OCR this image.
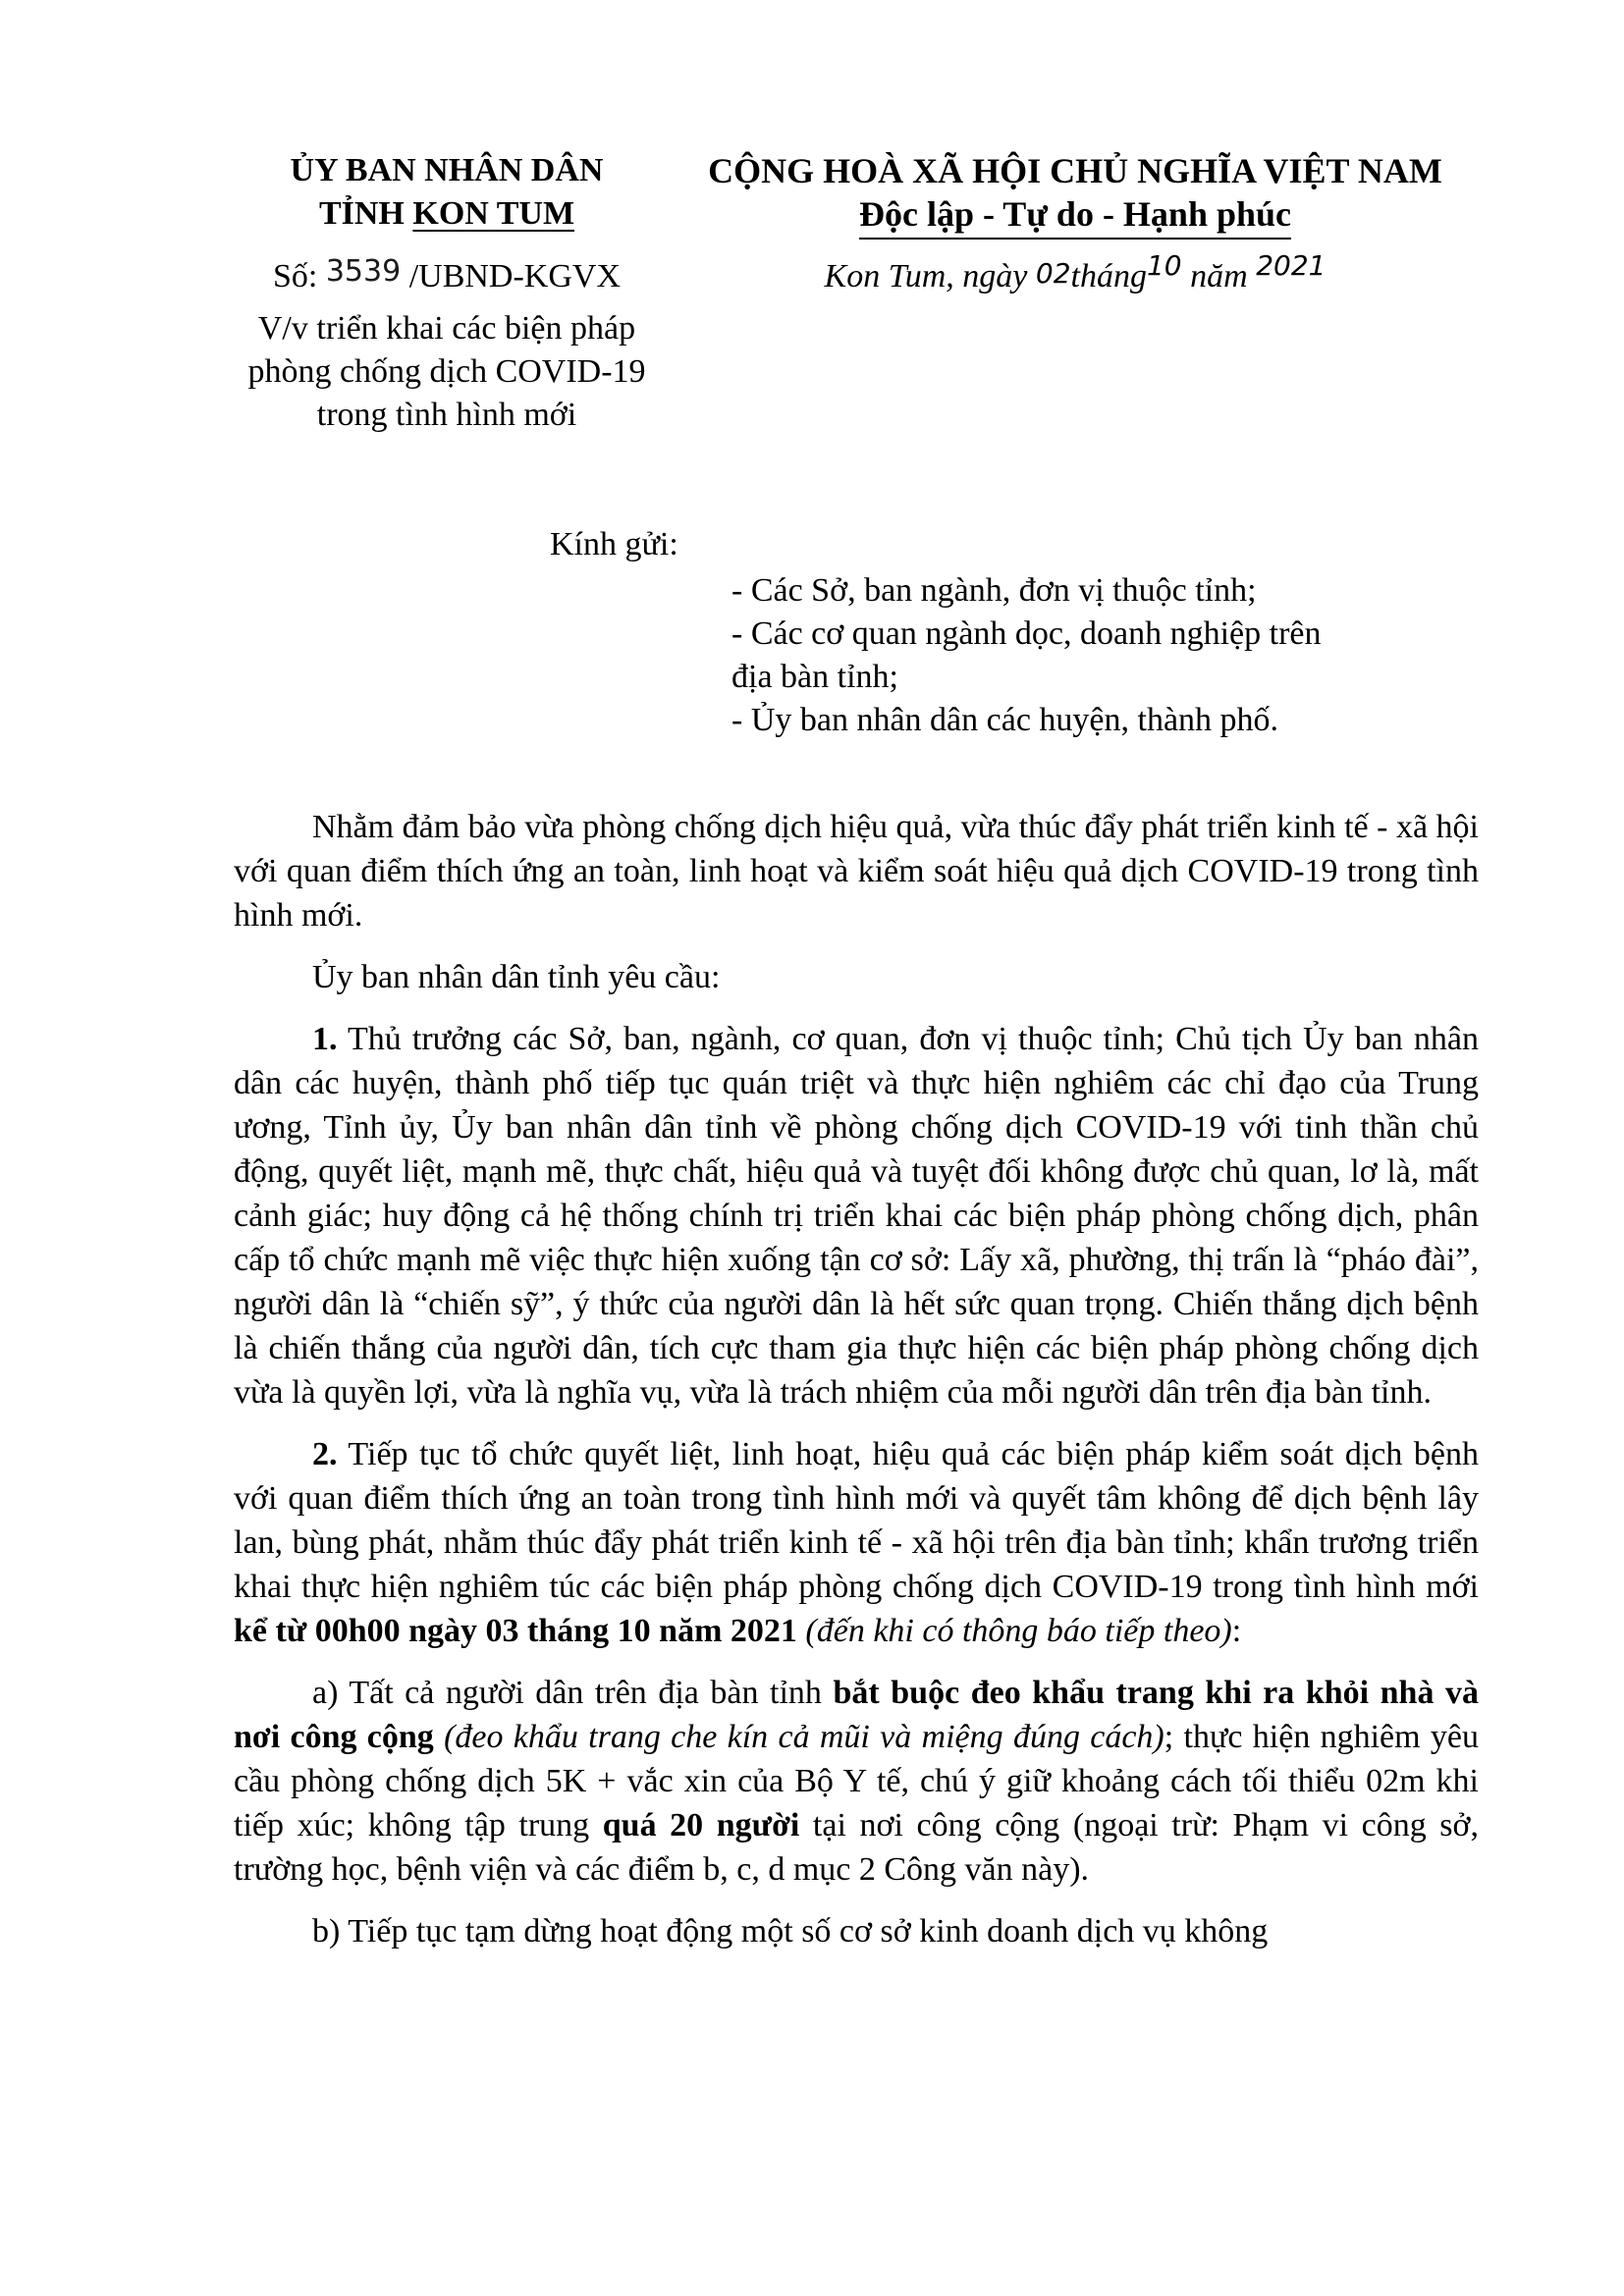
ỦY BAN NHÂN DÂN
TỈNH KON TUM
Số: 3539 /UBND-KGVX
V/v triển khai các biện pháp
phòng chống dịch COVID-19
trong tình hình mới
CỘNG HOÀ XÃ HỘI CHỦ NGHĨA VIỆT NAM
Độc lập - Tự do - Hạnh phúc
Kon Tum, ngày 02tháng10 năm 2021
Kính gửi:
- Các Sở, ban ngành, đơn vị thuộc tỉnh;
- Các cơ quan ngành dọc, doanh nghiệp trên
địa bàn tỉnh;
- Ủy ban nhân dân các huyện, thành phố.

Nhằm đảm bảo vừa phòng chống dịch hiệu quả, vừa thúc đẩy phát triển kinh tế - xã hội với quan điểm thích ứng an toàn, linh hoạt và kiểm soát hiệu quả dịch COVID-19 trong tình hình mới.

Ủy ban nhân dân tỉnh yêu cầu:

1. Thủ trưởng các Sở, ban, ngành, cơ quan, đơn vị thuộc tỉnh; Chủ tịch Ủy ban nhân dân các huyện, thành phố tiếp tục quán triệt và thực hiện nghiêm các chỉ đạo của Trung ương, Tỉnh ủy, Ủy ban nhân dân tỉnh về phòng chống dịch COVID-19 với tinh thần chủ động, quyết liệt, mạnh mẽ, thực chất, hiệu quả và tuyệt đối không được chủ quan, lơ là, mất cảnh giác; huy động cả hệ thống chính trị triển khai các biện pháp phòng chống dịch, phân cấp tổ chức mạnh mẽ việc thực hiện xuống tận cơ sở: Lấy xã, phường, thị trấn là “pháo đài”, người dân là “chiến sỹ”, ý thức của người dân là hết sức quan trọng. Chiến thắng dịch bệnh là chiến thắng của người dân, tích cực tham gia thực hiện các biện pháp phòng chống dịch vừa là quyền lợi, vừa là nghĩa vụ, vừa là trách nhiệm của mỗi người dân trên địa bàn tỉnh.

2. Tiếp tục tổ chức quyết liệt, linh hoạt, hiệu quả các biện pháp kiểm soát dịch bệnh với quan điểm thích ứng an toàn trong tình hình mới và quyết tâm không để dịch bệnh lây lan, bùng phát, nhằm thúc đẩy phát triển kinh tế - xã hội trên địa bàn tỉnh; khẩn trương triển khai thực hiện nghiêm túc các biện pháp phòng chống dịch COVID-19 trong tình hình mới kể từ 00h00 ngày 03 tháng 10 năm 2021 (đến khi có thông báo tiếp theo):

a) Tất cả người dân trên địa bàn tỉnh bắt buộc đeo khẩu trang khi ra khỏi nhà và nơi công cộng (đeo khẩu trang che kín cả mũi và miệng đúng cách); thực hiện nghiêm yêu cầu phòng chống dịch 5K + vắc xin của Bộ Y tế, chú ý giữ khoảng cách tối thiểu 02m khi tiếp xúc; không tập trung quá 20 người tại nơi công cộng (ngoại trừ: Phạm vi công sở, trường học, bệnh viện và các điểm b, c, d mục 2 Công văn này).

b) Tiếp tục tạm dừng hoạt động một số cơ sở kinh doanh dịch vụ không
